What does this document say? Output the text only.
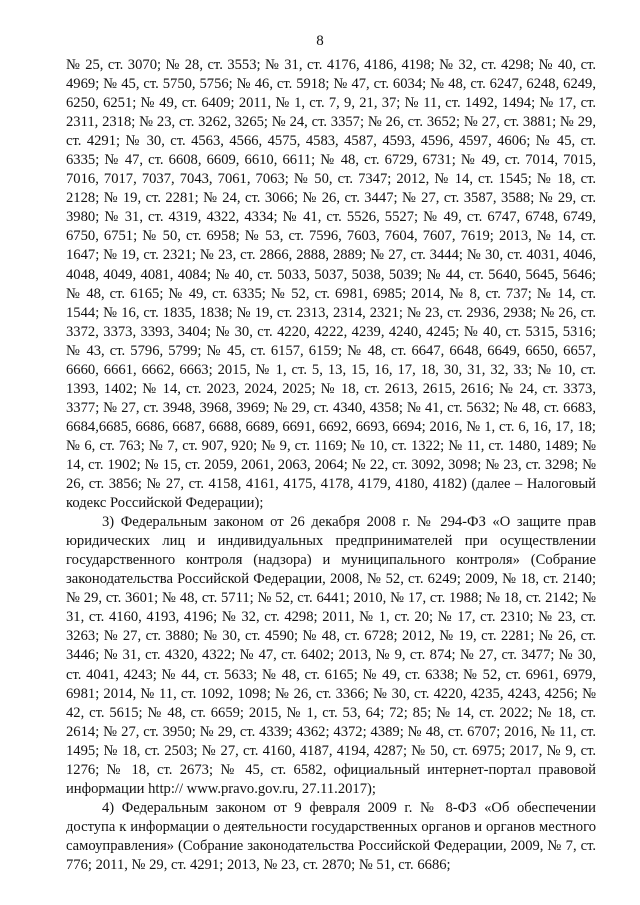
8

№ 25, ст. 3070; № 28, ст. 3553; № 31, ст. 4176, 4186, 4198; № 32, ст. 4298; № 40, ст. 4969; № 45, ст. 5750, 5756; № 46, ст. 5918; № 47, ст. 6034; № 48, ст. 6247, 6248, 6249, 6250, 6251; № 49, ст. 6409; 2011, № 1, ст. 7, 9, 21, 37; № 11, ст. 1492, 1494; № 17, ст. 2311, 2318; № 23, ст. 3262, 3265; № 24, ст. 3357; № 26, ст. 3652; № 27, ст. 3881; № 29, ст. 4291; № 30, ст. 4563, 4566, 4575, 4583, 4587, 4593, 4596, 4597, 4606; № 45, ст. 6335; № 47, ст. 6608, 6609, 6610, 6611; № 48, ст. 6729, 6731; № 49, ст. 7014, 7015, 7016, 7017, 7037, 7043, 7061, 7063; № 50, ст. 7347; 2012, № 14, ст. 1545; № 18, ст. 2128; № 19, ст. 2281; № 24, ст. 3066; № 26, ст. 3447; № 27, ст. 3587, 3588; № 29, ст. 3980; № 31, ст. 4319, 4322, 4334; № 41, ст. 5526, 5527; № 49, ст. 6747, 6748, 6749, 6750, 6751; № 50, ст. 6958; № 53, ст. 7596, 7603, 7604, 7607, 7619; 2013, № 14, ст. 1647; № 19, ст. 2321; № 23, ст. 2866, 2888, 2889; № 27, ст. 3444; № 30, ст. 4031, 4046, 4048, 4049, 4081, 4084; № 40, ст. 5033, 5037, 5038, 5039; № 44, ст. 5640, 5645, 5646; № 48, ст. 6165; № 49, ст. 6335; № 52, ст. 6981, 6985; 2014, № 8, ст. 737; № 14, ст. 1544; № 16, ст. 1835, 1838; № 19, ст. 2313, 2314, 2321; № 23, ст. 2936, 2938; № 26, ст. 3372, 3373, 3393, 3404; № 30, ст. 4220, 4222, 4239, 4240, 4245; № 40, ст. 5315, 5316; № 43, ст. 5796, 5799; № 45, ст. 6157, 6159; № 48, ст. 6647, 6648, 6649, 6650, 6657, 6660, 6661, 6662, 6663; 2015, № 1, ст. 5, 13, 15, 16, 17, 18, 30, 31, 32, 33; № 10, ст. 1393, 1402; № 14, ст. 2023, 2024, 2025; № 18, ст. 2613, 2615, 2616; № 24, ст. 3373, 3377; № 27, ст. 3948, 3968, 3969; № 29, ст. 4340, 4358; № 41, ст. 5632; № 48, ст. 6683, 6684,6685, 6686, 6687, 6688, 6689, 6691, 6692, 6693, 6694; 2016, № 1, ст. 6, 16, 17, 18; № 6, ст. 763; № 7, ст. 907, 920; № 9, ст. 1169; № 10, ст. 1322; № 11, ст. 1480, 1489; № 14, ст. 1902; № 15, ст. 2059, 2061, 2063, 2064; № 22, ст. 3092, 3098; № 23, ст. 3298; № 26, ст. 3856; № 27, ст. 4158, 4161, 4175, 4178, 4179, 4180, 4182) (далее – Налоговый кодекс Российской Федерации);

3) Федеральным законом от 26 декабря 2008 г. № 294-ФЗ «О защите прав юридических лиц и индивидуальных предпринимателей при осуществлении государственного контроля (надзора) и муниципального контроля» (Собрание законодательства Российской Федерации, 2008, № 52, ст. 6249; 2009, № 18, ст. 2140; № 29, ст. 3601; № 48, ст. 5711; № 52, ст. 6441; 2010, № 17, ст. 1988; № 18, ст. 2142; № 31, ст. 4160, 4193, 4196; № 32, ст. 4298; 2011, № 1, ст. 20; № 17, ст. 2310; № 23, ст. 3263; № 27, ст. 3880; № 30, ст. 4590; № 48, ст. 6728; 2012, № 19, ст. 2281; № 26, ст. 3446; № 31, ст. 4320, 4322; № 47, ст. 6402; 2013, № 9, ст. 874; № 27, ст. 3477; № 30, ст. 4041, 4243; № 44, ст. 5633; № 48, ст. 6165; № 49, ст. 6338; № 52, ст. 6961, 6979, 6981; 2014, № 11, ст. 1092, 1098; № 26, ст. 3366; № 30, ст. 4220, 4235, 4243, 4256; № 42, ст. 5615; № 48, ст. 6659; 2015, № 1, ст. 53, 64; 72; 85; № 14, ст. 2022; № 18, ст. 2614; № 27, ст. 3950; № 29, ст. 4339; 4362; 4372; 4389; № 48, ст. 6707; 2016, № 11, ст. 1495; № 18, ст. 2503; № 27, ст. 4160, 4187, 4194, 4287; № 50, ст. 6975; 2017, № 9, ст. 1276; № 18, ст. 2673; № 45, ст. 6582, официальный интернет-портал правовой информации http:// www.pravo.gov.ru, 27.11.2017);

4) Федеральным законом от 9 февраля 2009 г. № 8-ФЗ «Об обеспечении доступа к информации о деятельности государственных органов и органов местного самоуправления» (Собрание законодательства Российской Федерации, 2009, № 7, ст. 776; 2011, № 29, ст. 4291; 2013, № 23, ст. 2870; № 51, ст. 6686;
